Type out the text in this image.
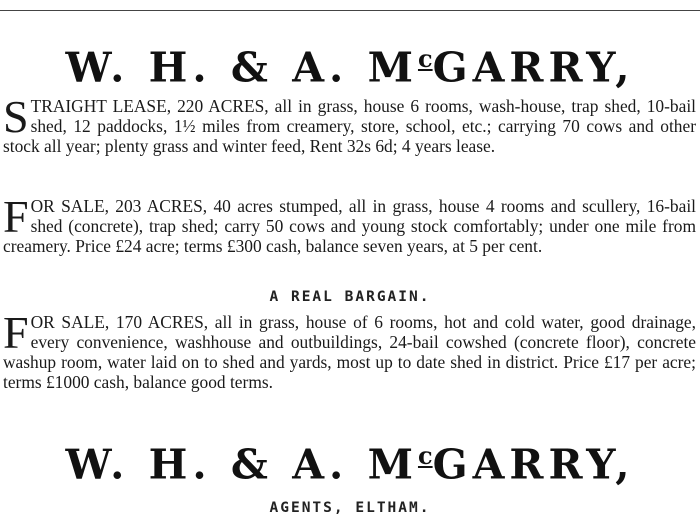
W. H. & A. $M^cGARRY$,
STRAIGHT LEASE, 220 ACRES, all in grass, house 6 rooms, wash-house, trap shed, 10-bail shed, 12 paddocks, 1½ miles from creamery, store, school, etc.; carrying 70 cows and other stock all year; plenty grass and winter feed, Rent 32s 6d; 4 years lease.
FOR SALE, 203 ACRES, 40 acres stumped, all in grass, house 4 rooms and scullery, 16-bail shed (concrete), trap shed; carry 50 cows and young stock comfortably; under one mile from creamery. Price £24 acre; terms £300 cash, balance seven years, at 5 per cent.
A REAL BARGAIN.
FOR SALE, 170 ACRES, all in grass, house of 6 rooms, hot and cold water, good drainage, every convenience, washhouse and outbuildings, 24-bail cowshed (concrete floor), concrete washup room, water laid on to shed and yards, most up to date shed in district. Price £17 per acre; terms £1000 cash, balance good terms.
W. H. & A. $M^cGARRY$,
AGENTS, ELTHAM.
